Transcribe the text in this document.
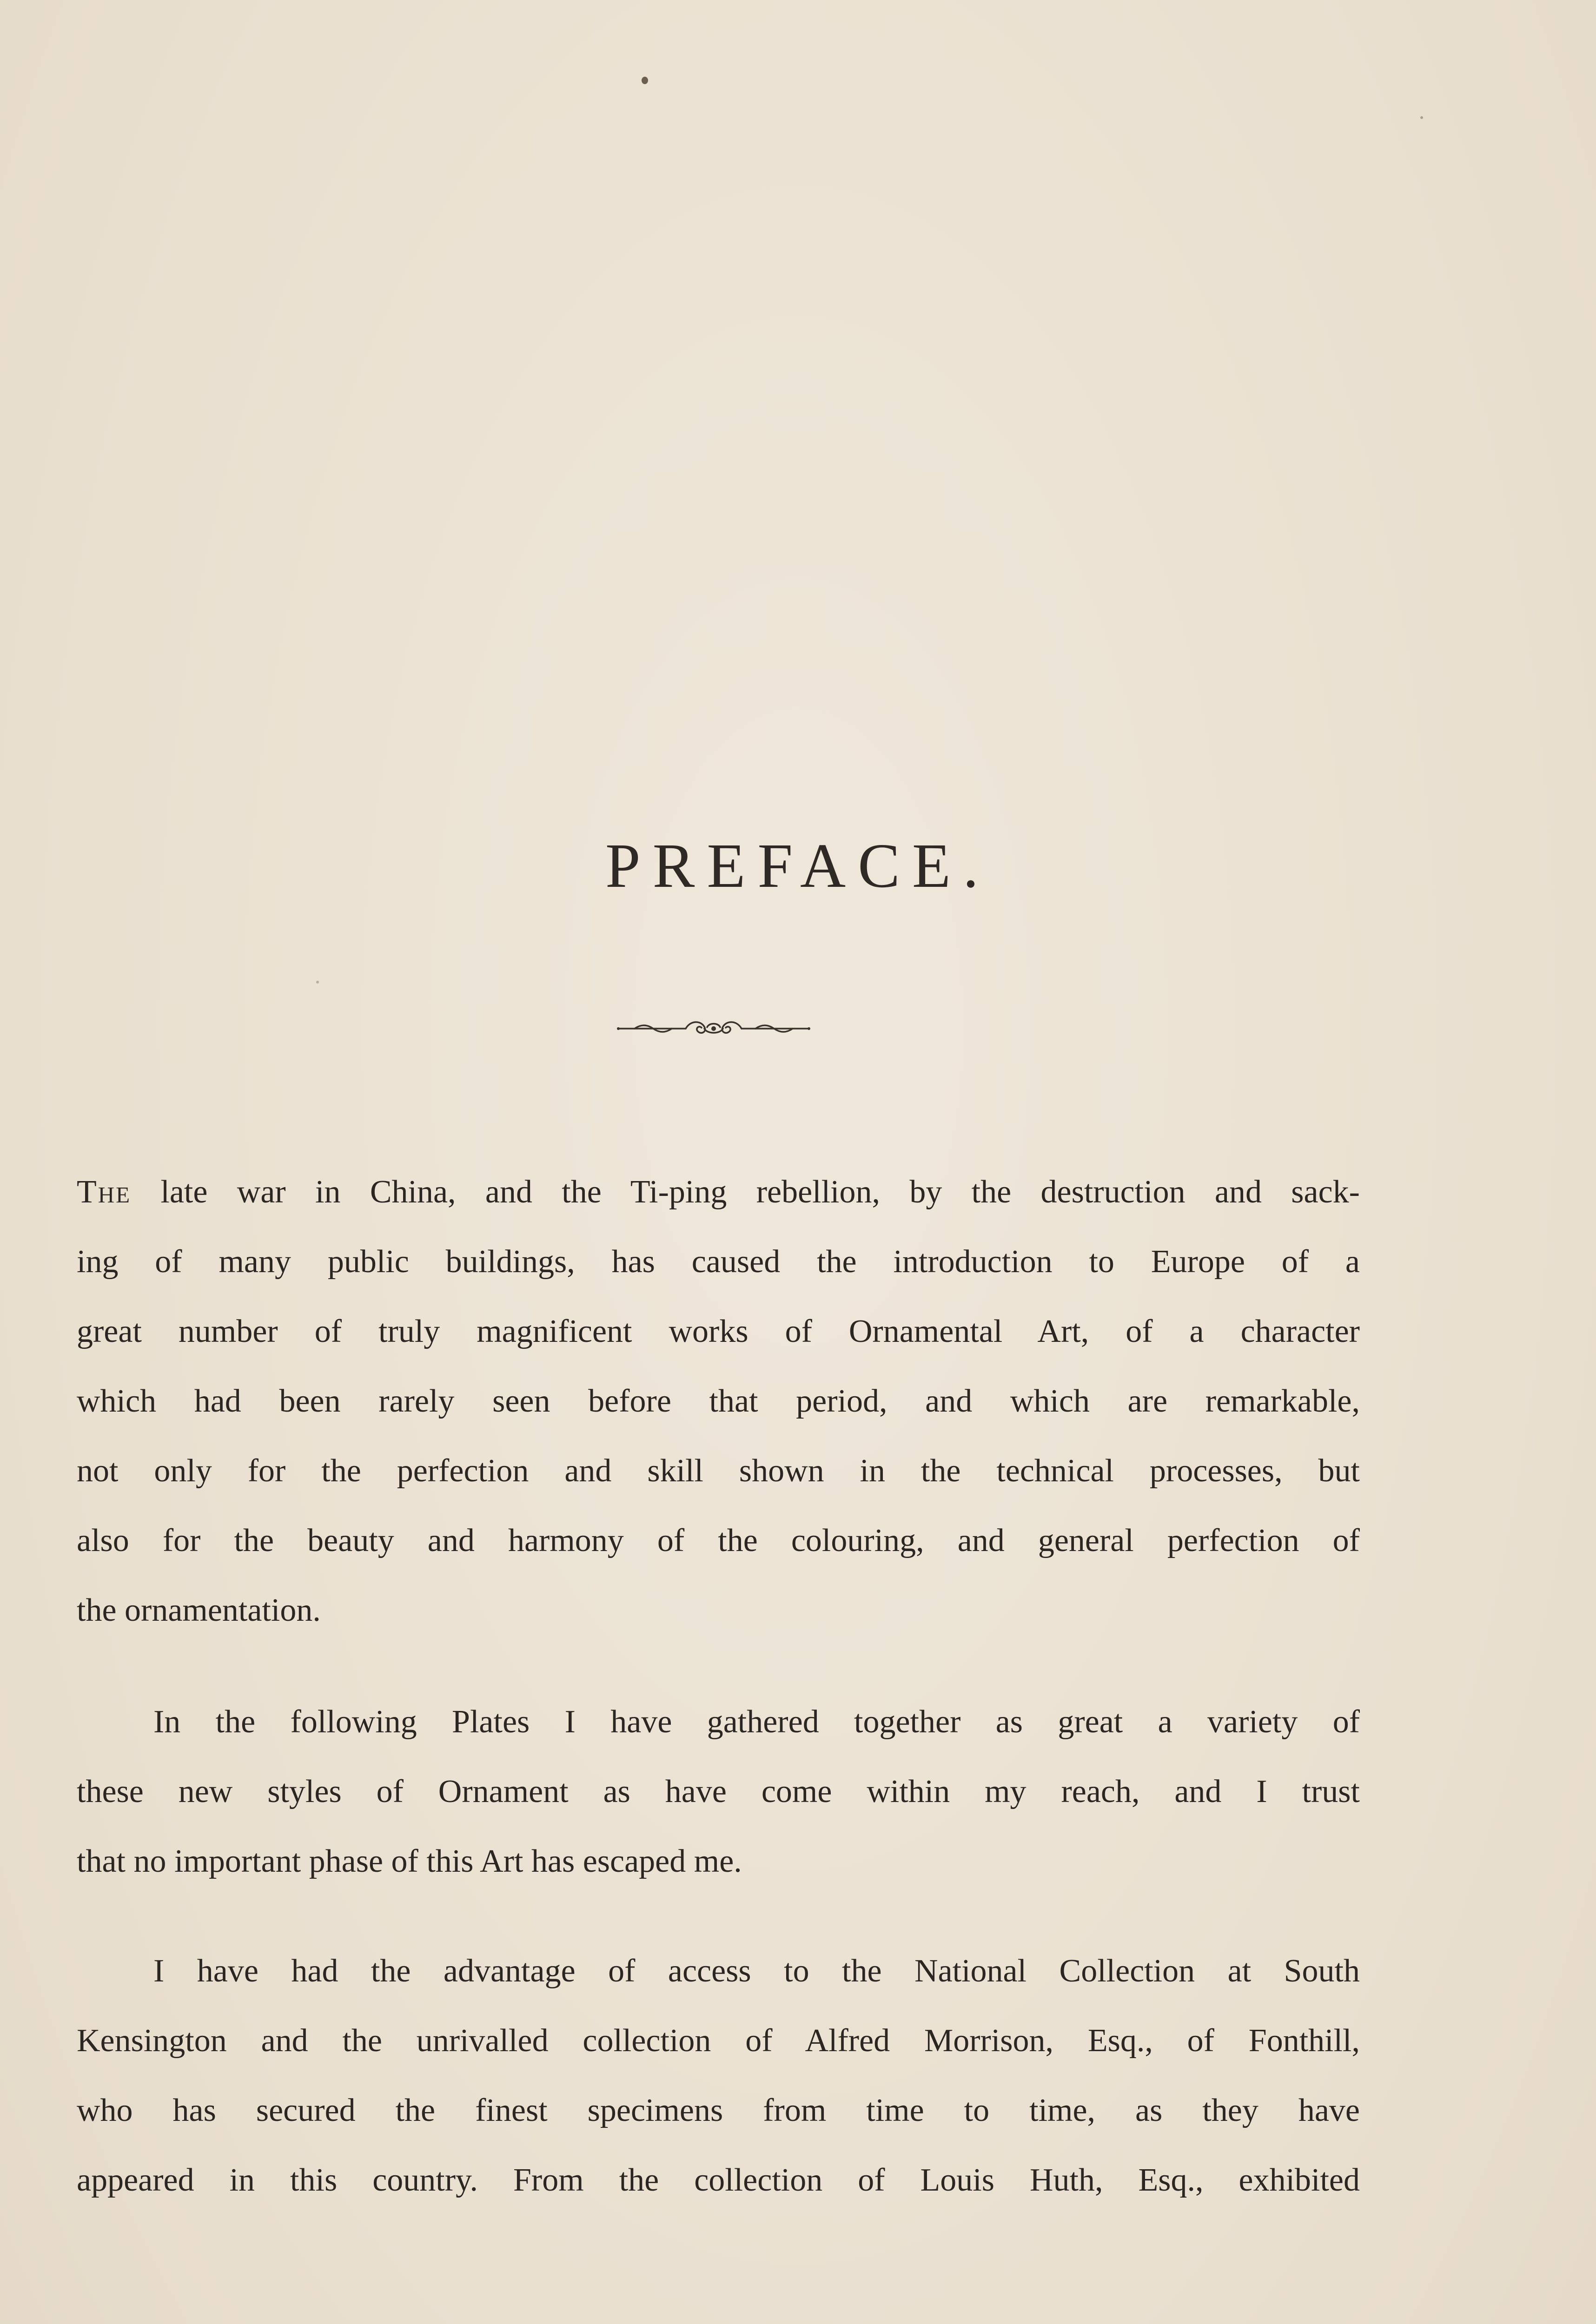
PREFACE.
The late war in China, and the Ti-ping rebellion, by the destruction and sack-
ing of many public buildings, has caused the introduction to Europe of a
great number of truly magnificent works of Ornamental Art, of a character
which had been rarely seen before that period, and which are remarkable,
not only for the perfection and skill shown in the technical processes, but
also for the beauty and harmony of the colouring, and general perfection of
the ornamentation.
In the following Plates I have gathered together as great a variety of
these new styles of Ornament as have come within my reach, and I trust
that no important phase of this Art has escaped me.
I have had the advantage of access to the National Collection at South
Kensington and the unrivalled collection of Alfred Morrison, Esq., of Fonthill,
who has secured the finest specimens from time to time, as they have
appeared in this country. From the collection of Louis Huth, Esq., exhibited
